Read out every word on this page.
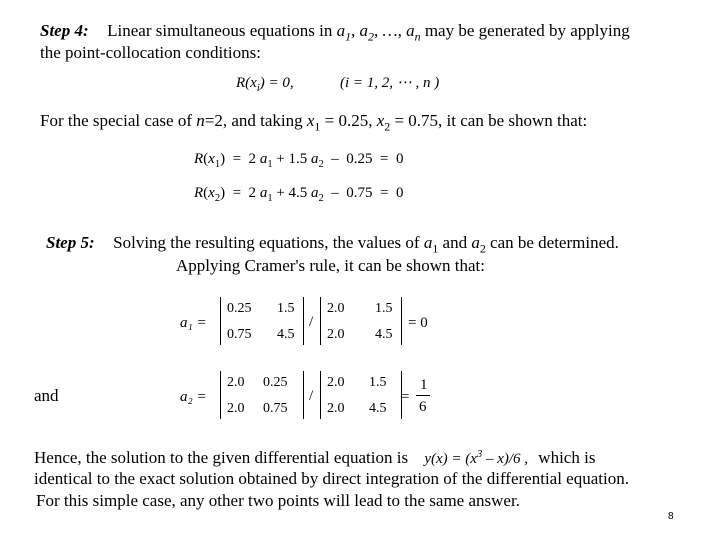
Step 4: Linear simultaneous equations in $a_1$, $a_2$, …, $a_n$ may be generated by applying
the point-collocation conditions:
$R(x_i) = 0$,	(i = 1, 2, ⋯ , n )
For the special case of n=2, and taking $x_1 = 0.25$, $x_2 = 0.75$, it can be shown that:
$R(x_1) = 2$ $a_1 + 1.5$ $a_2 - 0.25 = 0$
$R(x_2) = 2$ $a_1 + 4.5$ $a_2 - 0.75 = 0$
Step 5: Solving the resulting equations, the values of $a_1$ and $a_2$ can be determined.
Applying Cramer's rule, it can be shown that:
a₁ =
0.25 1.5
0.75 4.5
/
2.0 1.5
2.0 4.5
= 0
and	a₂ =
2.0 0.25
2.0 0.75
/
2.0 1.5
2.0 4.5
=
1
6
Hence, the solution to the given differential equation is $y(x) = (x^3 - x)/6$ , which is
identical to the exact solution obtained by direct integration of the differential equation.
For this simple case, any other two points will lead to the same answer.
8
